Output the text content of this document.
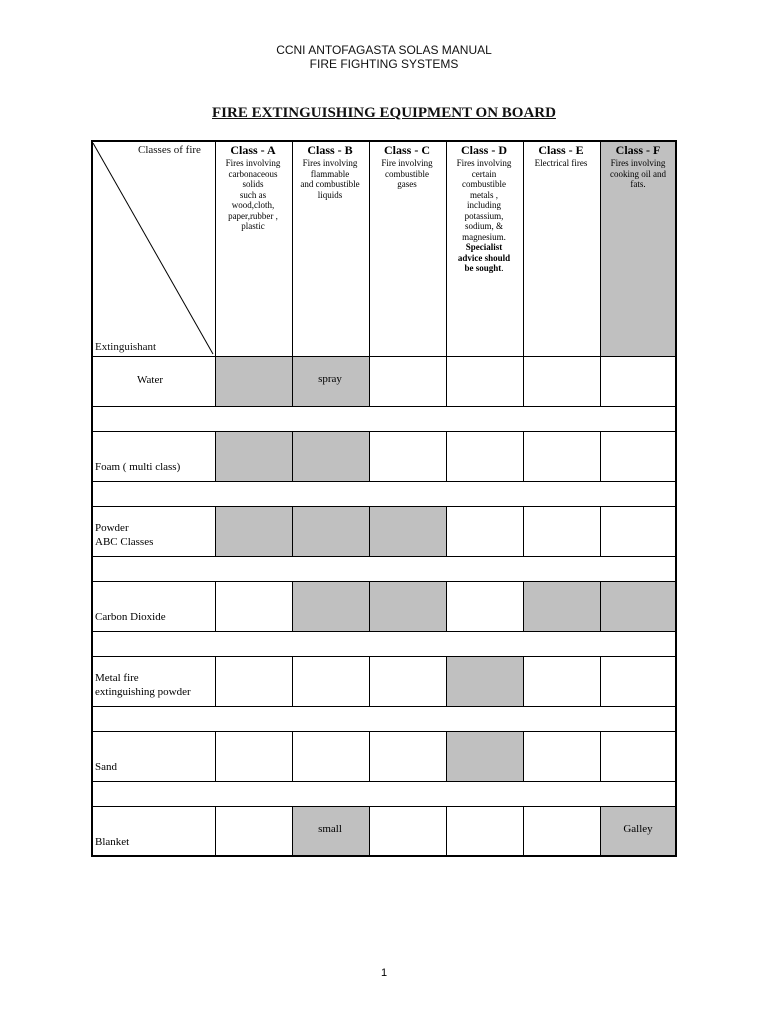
CCNI ANTOFAGASTA SOLAS MANUAL
FIRE FIGHTING SYSTEMS
FIRE EXTINGUISHING EQUIPMENT ON BOARD
Classes of fire
Extinguishant
Class - A
Fires involving
carbonaceous
solids
such as
wood,cloth,
paper,rubber ,
plastic
Class - B
Fires involving
flammable
and combustible
liquids
Class - C
Fire involving
combustible
gases
Class - D
Fires involving
certain
combustible
metals ,
including
potassium,
sodium, &
magnesium.
Specialist
advice should
be sought.
Class - E
Electrical fires
Class - F
Fires involving
cooking oil and
fats.
Water	spray
Foam ( multi class)
Powder
ABC Classes
Carbon Dioxide
Metal fire
extinguishing powder
Sand
Blanket
small	Galley
1
